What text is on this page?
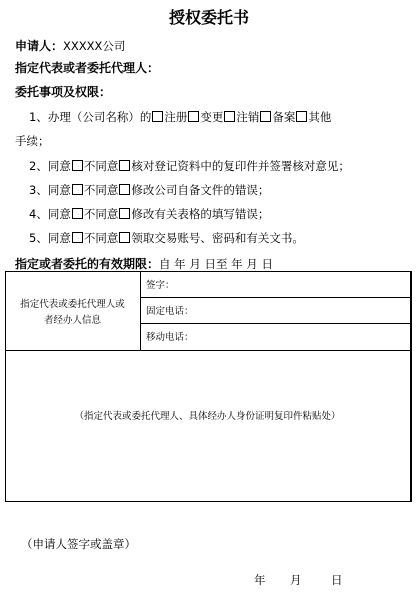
授权委托书
申请人：XXXXX公司
指定代表或者委托代理人：
委托事项及权限：
1、办理（公司名称）的 注册 变更 注销 备案 其他
手续；
2、同意 不同意 核对登记资料中的复印件并签署核对意见；
3、同意 不同意 修改公司自备文件的错误；
4、同意 不同意 修改有关表格的填写错误；
5、同意 不同意 领取交易账号、密码和有关文书。
指定或者委托的有效期限：自 年 月 日至 年 月 日
指定代表或委托代理人或
者经办人信息
签字：
固定电话：
移动电话：
（指定代表或委托代理人、具体经办人身份证明复印件粘贴处）
（申请人签字或盖章）
年 月	日
